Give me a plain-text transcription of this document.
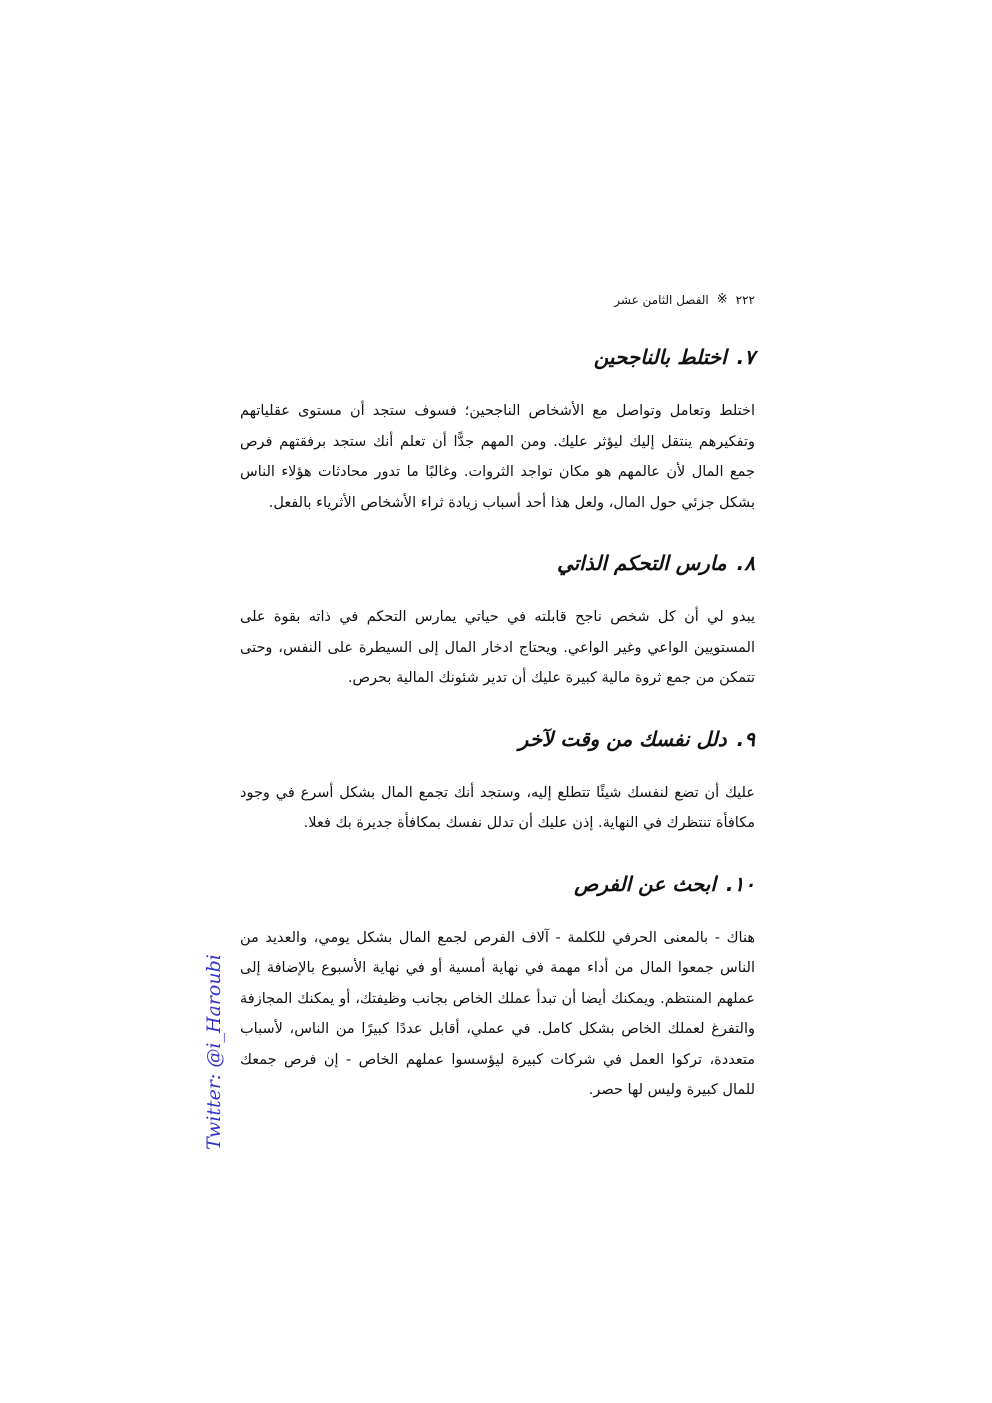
الفصل الثامن عشر ※ ٢٢٢
٧.اختلط بالناجحين

اختلط وتعامل وتواصل مع الأشخاص الناجحين؛ فسوف ستجد أن مستوى عقلياتهم وتفكيرهم ينتقل إليك ليؤثر عليك. ومن المهم جدًّا أن تعلم أنك ستجد برفقتهم فرص جمع المال لأن عالمهم هو مكان تواجد الثروات. وغالبًا ما تدور محادثات هؤلاء الناس بشكل جزئي حول المال، ولعل هذا أحد أسباب زيادة ثراء الأشخاص الأثرياء بالفعل.

٨.مارس التحكم الذاتي

يبدو لي أن كل شخص ناجح قابلته في حياتي يمارس التحكم في ذاته بقوة على المستويين الواعي وغير الواعي. ويحتاج ادخار المال إلى السيطرة على النفس، وحتى تتمكن من جمع ثروة مالية كبيرة عليك أن تدير شئونك المالية بحرص.

٩.دلل نفسك من وقت لآخر

عليك أن تضع لنفسك شيئًا تتطلع إليه، وستجد أنك تجمع المال بشكل أسرع في وجود مكافأة تنتظرك في النهاية. إذن عليك أن تدلل نفسك بمكافأة جديرة بك فعلا.

١٠.ابحث عن الفرص

هناك - بالمعنى الحرفي للكلمة - آلاف الفرص لجمع المال بشكل يومي، والعديد من الناس جمعوا المال من أداء مهمة في نهاية أمسية أو في نهاية الأسبوع بالإضافة إلى عملهم المنتظم. ويمكنك أيضا أن تبدأ عملك الخاص بجانب وظيفتك، أو يمكنك المجازفة والتفرغ لعملك الخاص بشكل كامل. في عملي، أقابل عددًا كبيرًا من الناس، لأسباب متعددة، تركوا العمل في شركات كبيرة ليؤسسوا عملهم الخاص - إن فرص جمعك للمال كبيرة وليس لها حصر.

Twitter: @i_Haroubi
